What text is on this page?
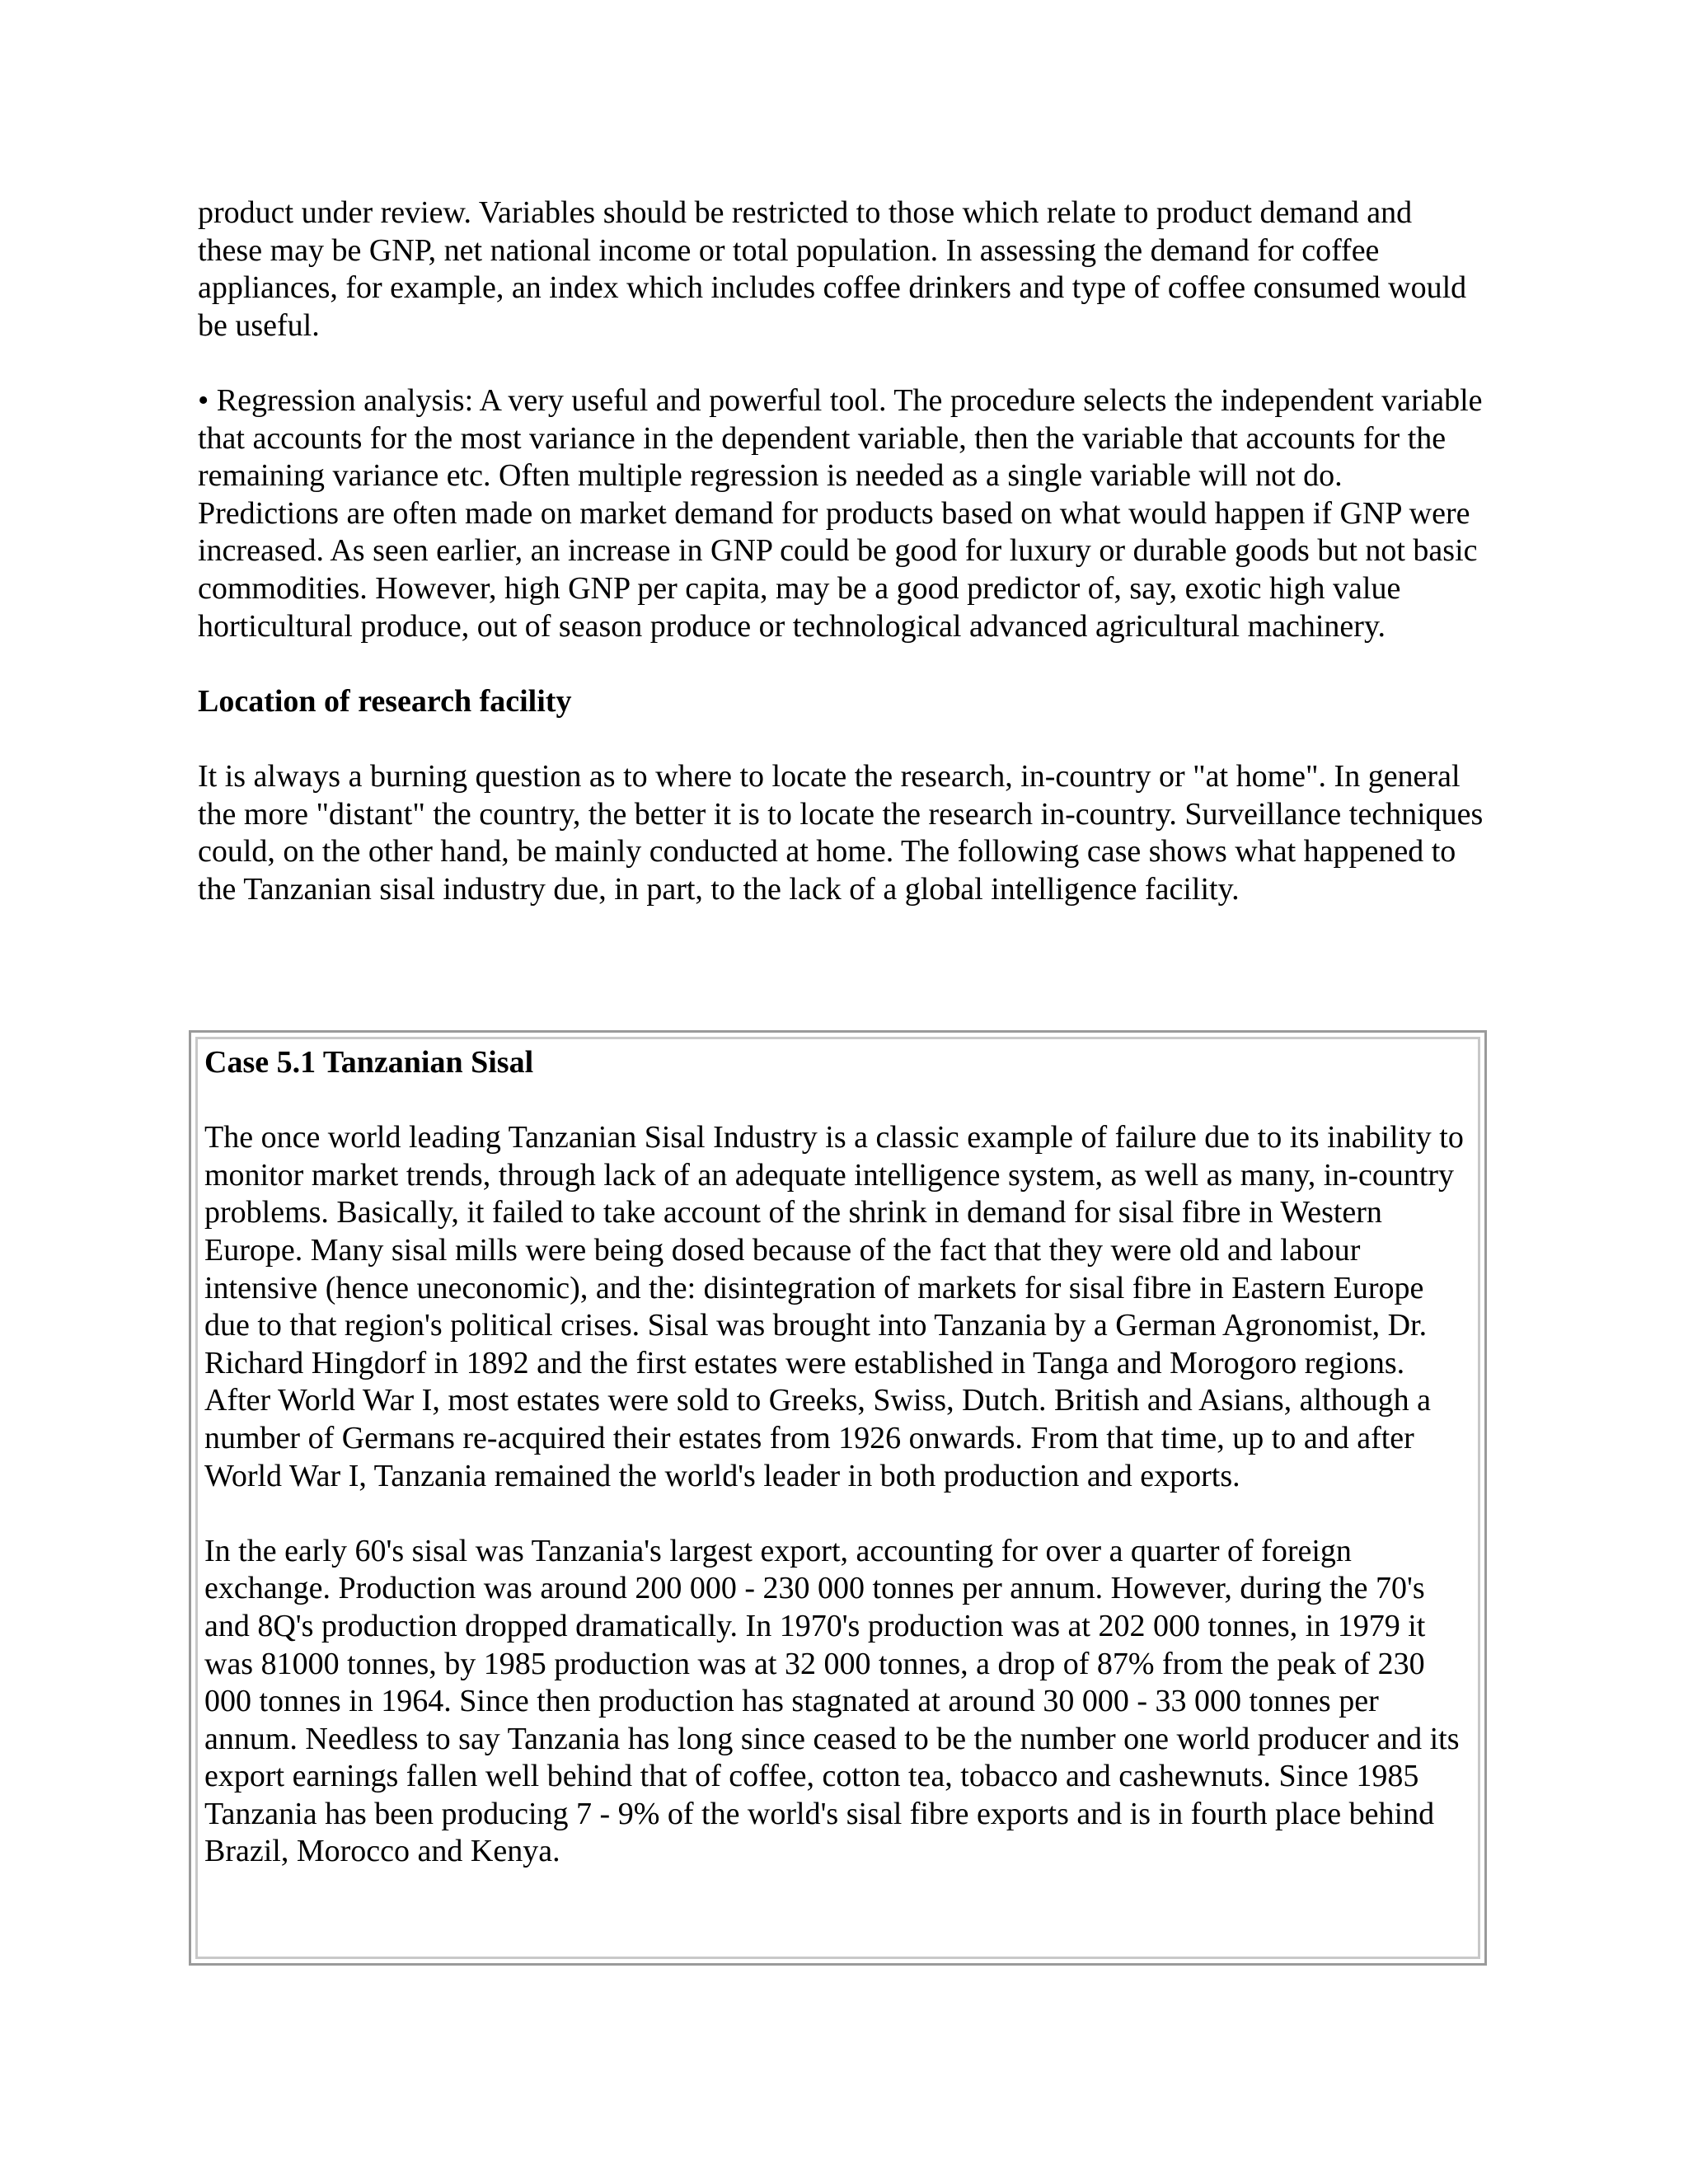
product under review. Variables should be restricted to those which relate to product demand and these may be GNP, net national income or total population. In assessing the demand for coffee appliances, for example, an index which includes coffee drinkers and type of coffee consumed would be useful.

• Regression analysis: A very useful and powerful tool. The procedure selects the independent variable that accounts for the most variance in the dependent variable, then the variable that accounts for the remaining variance etc. Often multiple regression is needed as a single variable will not do. Predictions are often made on market demand for products based on what would happen if GNP were increased. As seen earlier, an increase in GNP could be good for luxury or durable goods but not basic commodities. However, high GNP per capita, may be a good predictor of, say, exotic high value horticultural produce, out of season produce or technological advanced agricultural machinery.

Location of research facility

It is always a burning question as to where to locate the research, in-country or "at home". In general the more "distant" the country, the better it is to locate the research in-country. Surveillance techniques could, on the other hand, be mainly conducted at home. The following case shows what happened to the Tanzanian sisal industry due, in part, to the lack of a global intelligence facility.

Case 5.1 Tanzanian Sisal

The once world leading Tanzanian Sisal Industry is a classic example of failure due to its inability to monitor market trends, through lack of an adequate intelligence system, as well as many, in-country problems. Basically, it failed to take account of the shrink in demand for sisal fibre in Western Europe. Many sisal mills were being dosed because of the fact that they were old and labour intensive (hence uneconomic), and the: disintegration of markets for sisal fibre in Eastern Europe due to that region's political crises. Sisal was brought into Tanzania by a German Agronomist, Dr. Richard Hingdorf in 1892 and the first estates were established in Tanga and Morogoro regions. After World War I, most estates were sold to Greeks, Swiss, Dutch. British and Asians, although a number of Germans re-acquired their estates from 1926 onwards. From that time, up to and after World War I, Tanzania remained the world's leader in both production and exports.

In the early 60's sisal was Tanzania's largest export, accounting for over a quarter of foreign exchange. Production was around 200 000 - 230 000 tonnes per annum. However, during the 70's and 8Q's production dropped dramatically. In 1970's production was at 202 000 tonnes, in 1979 it was 81000 tonnes, by 1985 production was at 32 000 tonnes, a drop of 87% from the peak of 230 000 tonnes in 1964. Since then production has stagnated at around 30 000 - 33 000 tonnes per annum. Needless to say Tanzania has long since ceased to be the number one world producer and its export earnings fallen well behind that of coffee, cotton tea, tobacco and cashewnuts. Since 1985 Tanzania has been producing 7 - 9% of the world's sisal fibre exports and is in fourth place behind Brazil, Morocco and Kenya.
